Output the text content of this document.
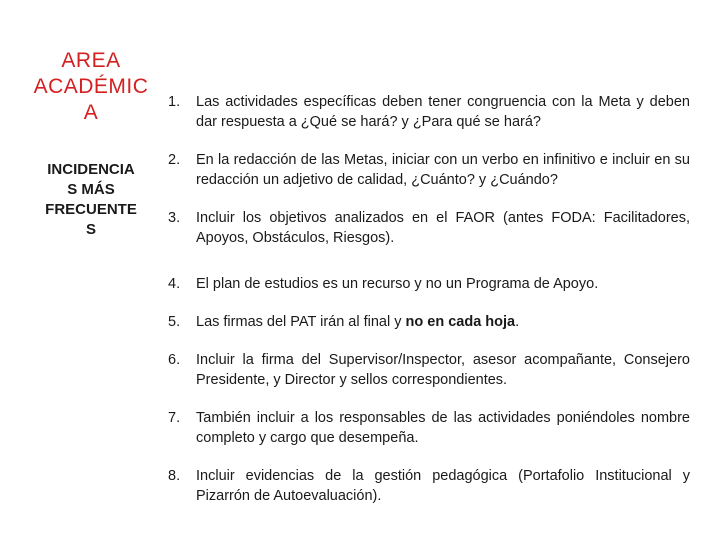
AREA
ACADÉMIC
A
INCIDENCIA
S MÁS
FRECUENTE
S
1.	Las actividades específicas deben tener congruencia con la Meta y deben dar respuesta a ¿Qué se hará? y ¿Para qué se hará?
2.	En la redacción de las Metas, iniciar con un verbo en infinitivo e incluir en su redacción un adjetivo de calidad, ¿Cuánto? y ¿Cuándo?
3.	Incluir los objetivos analizados en el FAOR (antes FODA: Facilitadores, Apoyos, Obstáculos, Riesgos).
4.	El plan de estudios es un recurso y no un Programa de Apoyo.
5.	Las firmas del PAT irán al final y no en cada hoja.
6.	Incluir la firma del Supervisor/Inspector, asesor acompañante, Consejero Presidente, y Director y sellos correspondientes.
7.	También incluir a los responsables de las actividades poniéndoles nombre completo y cargo que desempeña.
8.	Incluir evidencias de la gestión pedagógica (Portafolio Institucional y Pizarrón de Autoevaluación).
